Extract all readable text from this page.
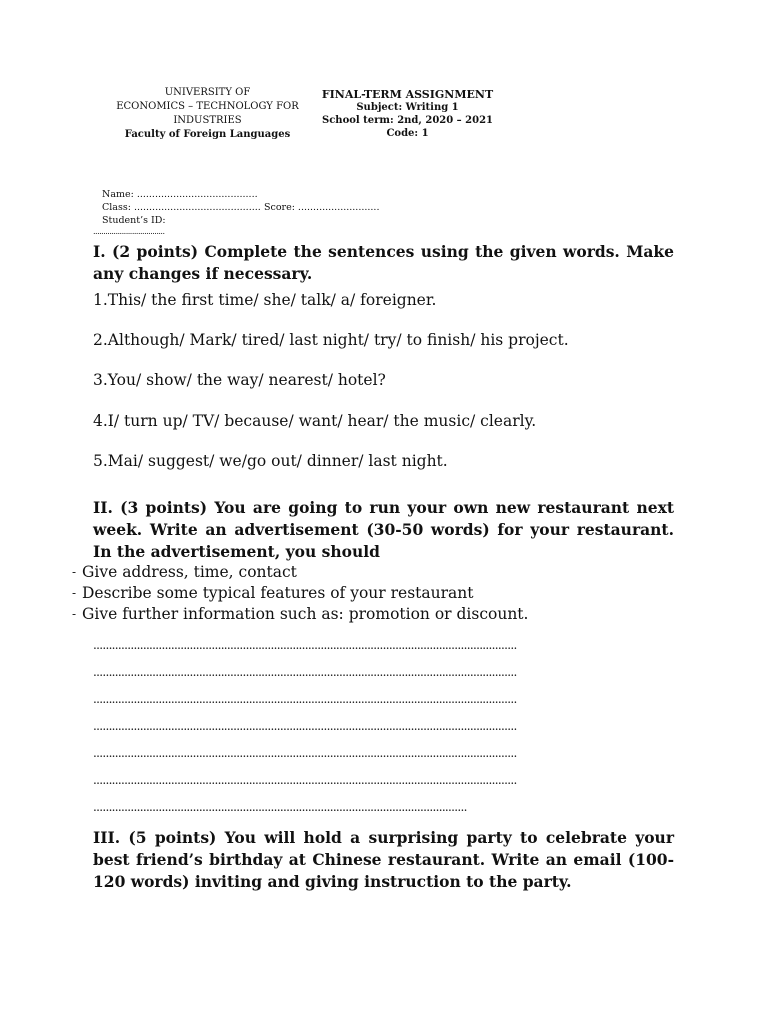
UNIVERSITY OF
ECONOMICS – TECHNOLOGY FOR
INDUSTRIES
Faculty of Foreign Languages
FINAL-TERM ASSIGNMENT
Subject: Writing 1
School term: 2nd, 2020 – 2021
Code: 1
Name: ........................................
Class: .......................................... Score: ...........................
Student’s ID:
...................................
I. (2 points) Complete the sentences using the given words. Make any changes if necessary.
1.This/ the first time/ she/ talk/ a/ foreigner.
2.Although/ Mark/ tired/ last night/ try/ to finish/ his project.
3.You/ show/ the way/ nearest/ hotel?
4.I/ turn up/ TV/ because/ want/ hear/ the music/ clearly.
5.Mai/ suggest/ we/go out/ dinner/ last night.
II. (3 points) You are going to run your own new restaurant next week. Write an advertisement (30-50 words) for your restaurant. In the advertisement, you should
- Give address, time, contact
- Describe some typical features of your restaurant
- Give further information such as: promotion or discount.
........................................................................................................................................
........................................................................................................................................
........................................................................................................................................
........................................................................................................................................
........................................................................................................................................
........................................................................................................................................
........................................................................................................................
III. (5 points) You will hold a surprising party to celebrate your best friend’s birthday at Chinese restaurant. Write an email (100-120 words) inviting and giving instruction to the party.
